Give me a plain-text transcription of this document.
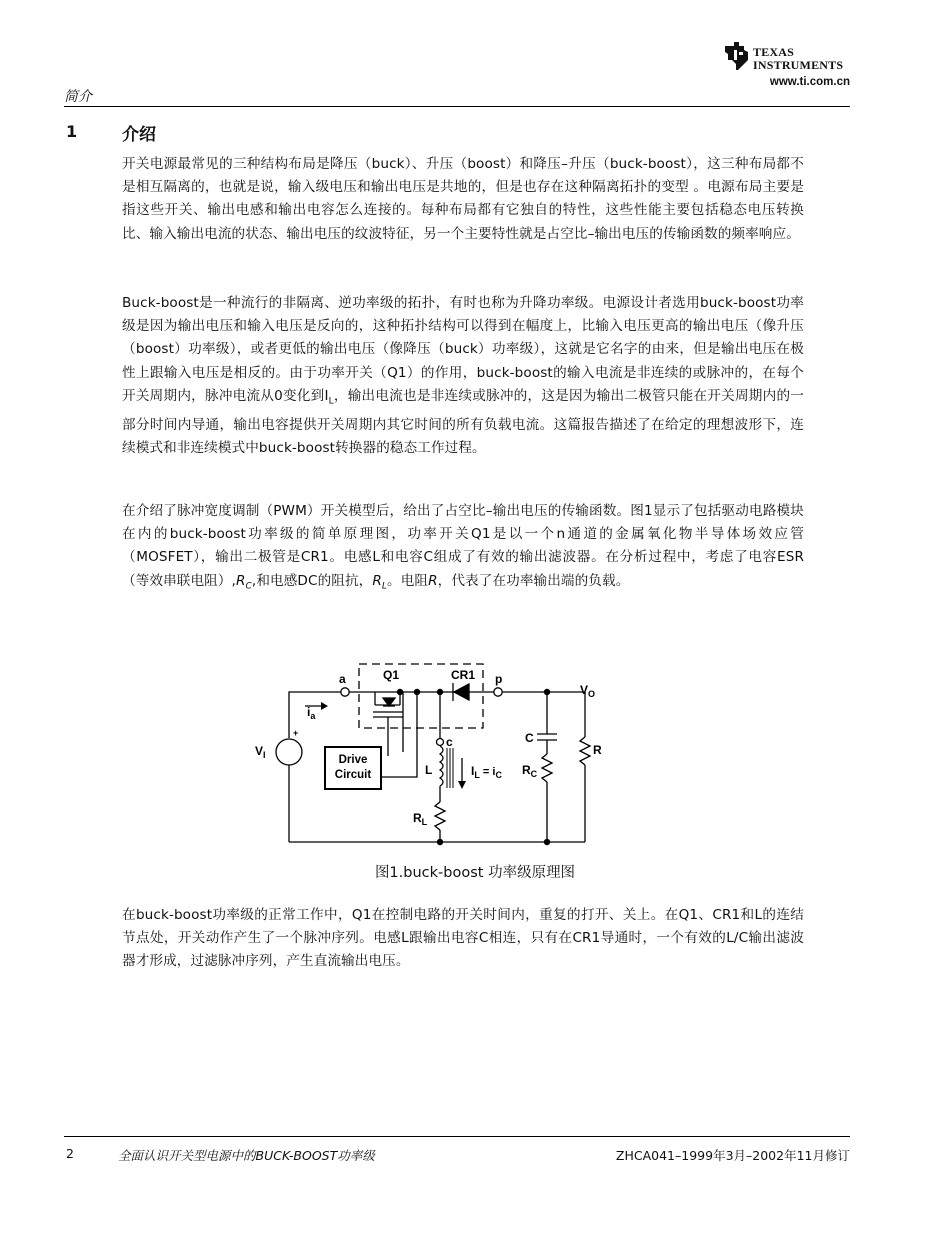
TEXAS
INSTRUMENTS
www.ti.com.cn
简介
1	介绍
开关电源最常见的三种结构布局是降压（buck）、升压（boost）和降压–升压（buck-boost），这三种布局都不是相互隔离的，也就是说，输入级电压和输出电压是共地的，但是也存在这种隔离拓扑的变型 。电源布局主要是指这些开关、输出电感和输出电容怎么连接的。每种布局都有它独自的特性，这些性能主要包括稳态电压转换比、输入输出电流的状态、输出电压的纹波特征，另一个主要特性就是占空比–输出电压的传输函数的频率响应。
Buck-boost是一种流行的非隔离、逆功率级的拓扑，有时也称为升降功率级。电源设计者选用buck-boost功率级是因为输出电压和输入电压是反向的，这种拓扑结构可以得到在幅度上，比输入电压更高的输出电压（像升压（boost）功率级），或者更低的输出电压（像降压（buck）功率级），这就是它名字的由来，但是输出电压在极性上跟输入电压是相反的。由于功率开关（Q1）的作用，buck-boost的输入电流是非连续的或脉冲的，在每个开关周期内，脉冲电流从0变化到$I_L$，输出电流也是非连续或脉冲的，这是因为输出二极管只能在开关周期内的一部分时间内导通，输出电容提供开关周期内其它时间的所有负载电流。这篇报告描述了在给定的理想波形下，连续模式和非连续模式中buck-boost转换器的稳态工作过程。
在介绍了脉冲宽度调制（PWM）开关模型后，给出了占空比–输出电压的传输函数。图1显示了包括驱动电路模块在内的buck-boost功率级的简单原理图，功率开关Q1是以一个n通道的金属氧化物半导体场效应管（MOSFET），输出二极管是CR1。电感L和电容C组成了有效的输出滤波器。在分析过程中，考虑了电容ESR（等效串联电阻）$,R_C$,和电感DC的阻抗，$R_L$。电阻R，代表了在功率输出端的负载。
a	Q1	CR1 p
$V_O$
$i_a$
+
$V_I$	Drive
Circuit
c
L	$I_L = i_C$
C
$R_C$
R
$R_L$
图1.buck-boost 功率级原理图
在buck-boost功率级的正常工作中，Q1在控制电路的开关时间内，重复的打开、关上。在Q1、CR1和L的连结节点处，开关动作产生了一个脉冲序列。电感L跟输出电容C相连，只有在CR1导通时，一个有效的L/C输出滤波器才形成，过滤脉冲序列，产生直流输出电压。
2	全面认识开关型电源中的BUCK-BOOST功率级	ZHCA041–1999年3月–2002年11月修订
